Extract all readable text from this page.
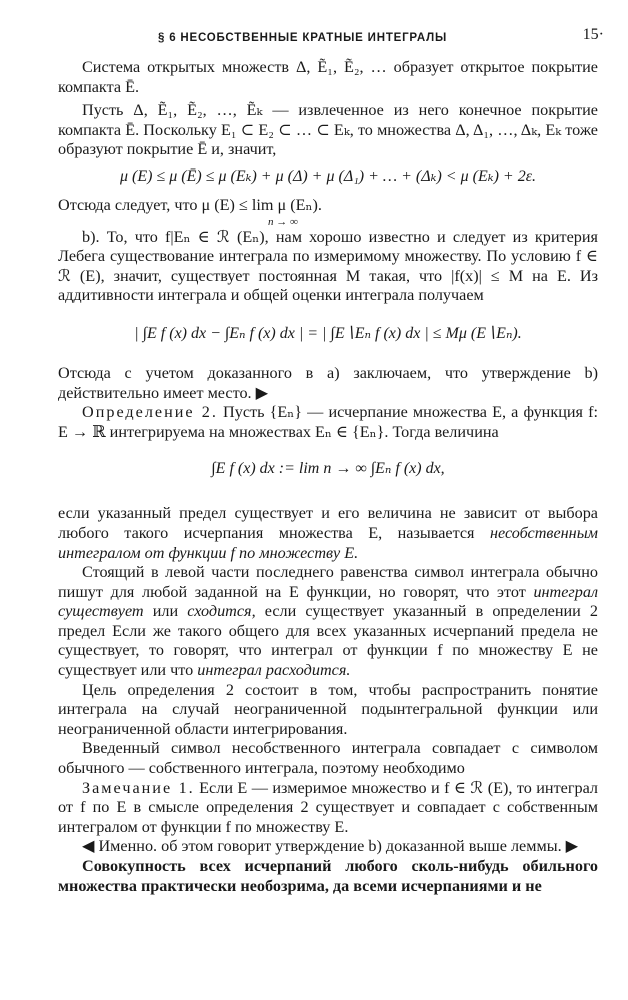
§ 6 НЕСОБСТВЕННЫЕ КРАТНЫЕ ИНТЕГРАЛЫ	15·

Система открытых множеств Δ, Ẽ₁, Ẽ₂, … образует открытое покрытие компакта Ē.

Пусть Δ, Ẽ₁, Ẽ₂, …, Ẽₖ — извлеченное из него конечное покрытие компакта Ē. Поскольку E₁ ⊂ E₂ ⊂ … ⊂ Eₖ, то множества Δ, Δ₁, …, Δₖ, Eₖ тоже образуют покрытие Ē и, значит,

μ (E) ≤ μ (Ē) ≤ μ (Eₖ) + μ (Δ) + μ (Δ₁) + … + (Δₖ) < μ (Eₖ) + 2ε.

Отсюда следует, что μ (E) ≤ lim μ (Eₙ).

n → ∞

b). То, что f|Eₙ ∈ ℛ (Eₙ), нам хорошо известно и следует из критерия Лебега существование интеграла по измеримому множеству. По условию f ∈ ℛ (E), значит, существует постоянная M такая, что |f(x)| ≤ M на E. Из аддитивности интеграла и общей оценки интеграла получаем

| ∫E f (x) dx − ∫Eₙ f (x) dx | = | ∫E∖Eₙ f (x) dx | ≤ Mμ (E∖Eₙ).

Отсюда с учетом доказанного в a) заключаем, что утверждение b) действительно имеет место. ▶

Определение 2. Пусть {Eₙ} — исчерпание множества E, а функция f: E → ℝ интегрируема на множествах Eₙ ∈ {Eₙ}. Тогда величина

∫E f (x) dx := lim n → ∞ ∫Eₙ f (x) dx,

если указанный предел существует и его величина не зависит от выбора любого такого исчерпания множества E, называется несобственным интегралом от функции f по множеству E.

Стоящий в левой части последнего равенства символ интеграла обычно пишут для любой заданной на E функции, но говорят, что этот интеграл существует или сходится, если существует указанный в определении 2 предел Если же такого общего для всех указанных исчерпаний предела не существует, то говорят, что интеграл от функции f по множеству E не существует или что интеграл расходится.

Цель определения 2 состоит в том, чтобы распространить понятие интеграла на случай неограниченной подынтегральной функции или неограниченной области интегрирования.

Введенный символ несобственного интеграла совпадает с символом обычного — собственного интеграла, поэтому необходимо

Замечание 1. Если E — измеримое множество и f ∈ ℛ (E), то интеграл от f по E в смысле определения 2 существует и совпадает с собственным интегралом от функции f по множеству E.

◀ Именно. об этом говорит утверждение b) доказанной выше леммы. ▶

Совокупность всех исчерпаний любого сколь-нибудь обильного множества практически необозрима, да всеми исчерпаниями и не
